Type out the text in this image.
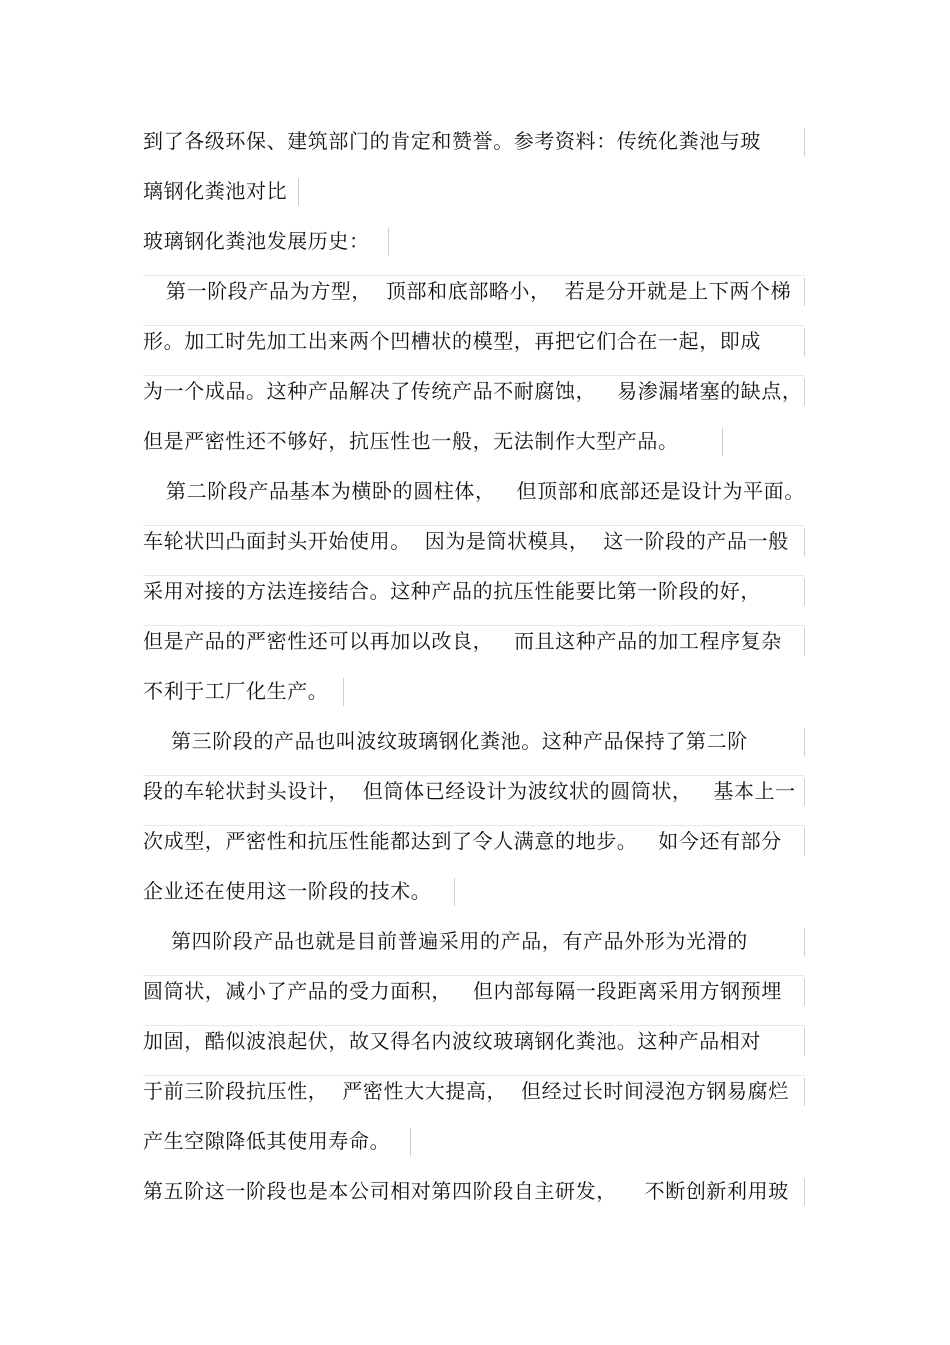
到了各级环保、建筑部门的肯定和赞誉。参考资料：传统化粪池与玻
璃钢化粪池对比
玻璃钢化粪池发展历史：
第一阶段产品为方型，  顶部和底部略小，  若是分开就是上下两个梯
形。加工时先加工出来两个凹槽状的模型，再把它们合在一起，即成
为一个成品。这种产品解决了传统产品不耐腐蚀，   易渗漏堵塞的缺点，
但是严密性还不够好，抗压性也一般，无法制作大型产品。
第二阶段产品基本为横卧的圆柱体，   但顶部和底部还是设计为平面。
车轮状凹凸面封头开始使用。  因为是筒状模具，  这一阶段的产品一般
采用对接的方法连接结合。这种产品的抗压性能要比第一阶段的好，
但是产品的严密性还可以再加以改良，   而且这种产品的加工程序复杂
不利于工厂化生产。
第三阶段的产品也叫波纹玻璃钢化粪池。这种产品保持了第二阶
段的车轮状封头设计，  但筒体已经设计为波纹状的圆筒状，   基本上一
次成型，严密性和抗压性能都达到了令人满意的地步。   如今还有部分
企业还在使用这一阶段的技术。
第四阶段产品也就是目前普遍采用的产品，有产品外形为光滑的
圆筒状，减小了产品的受力面积，   但内部每隔一段距离采用方钢预埋
加固，酷似波浪起伏，故又得名内波纹玻璃钢化粪池。这种产品相对
于前三阶段抗压性，  严密性大大提高，  但经过长时间浸泡方钢易腐烂
产生空隙降低其使用寿命。
第五阶这一阶段也是本公司相对第四阶段自主研发，    不断创新利用玻
